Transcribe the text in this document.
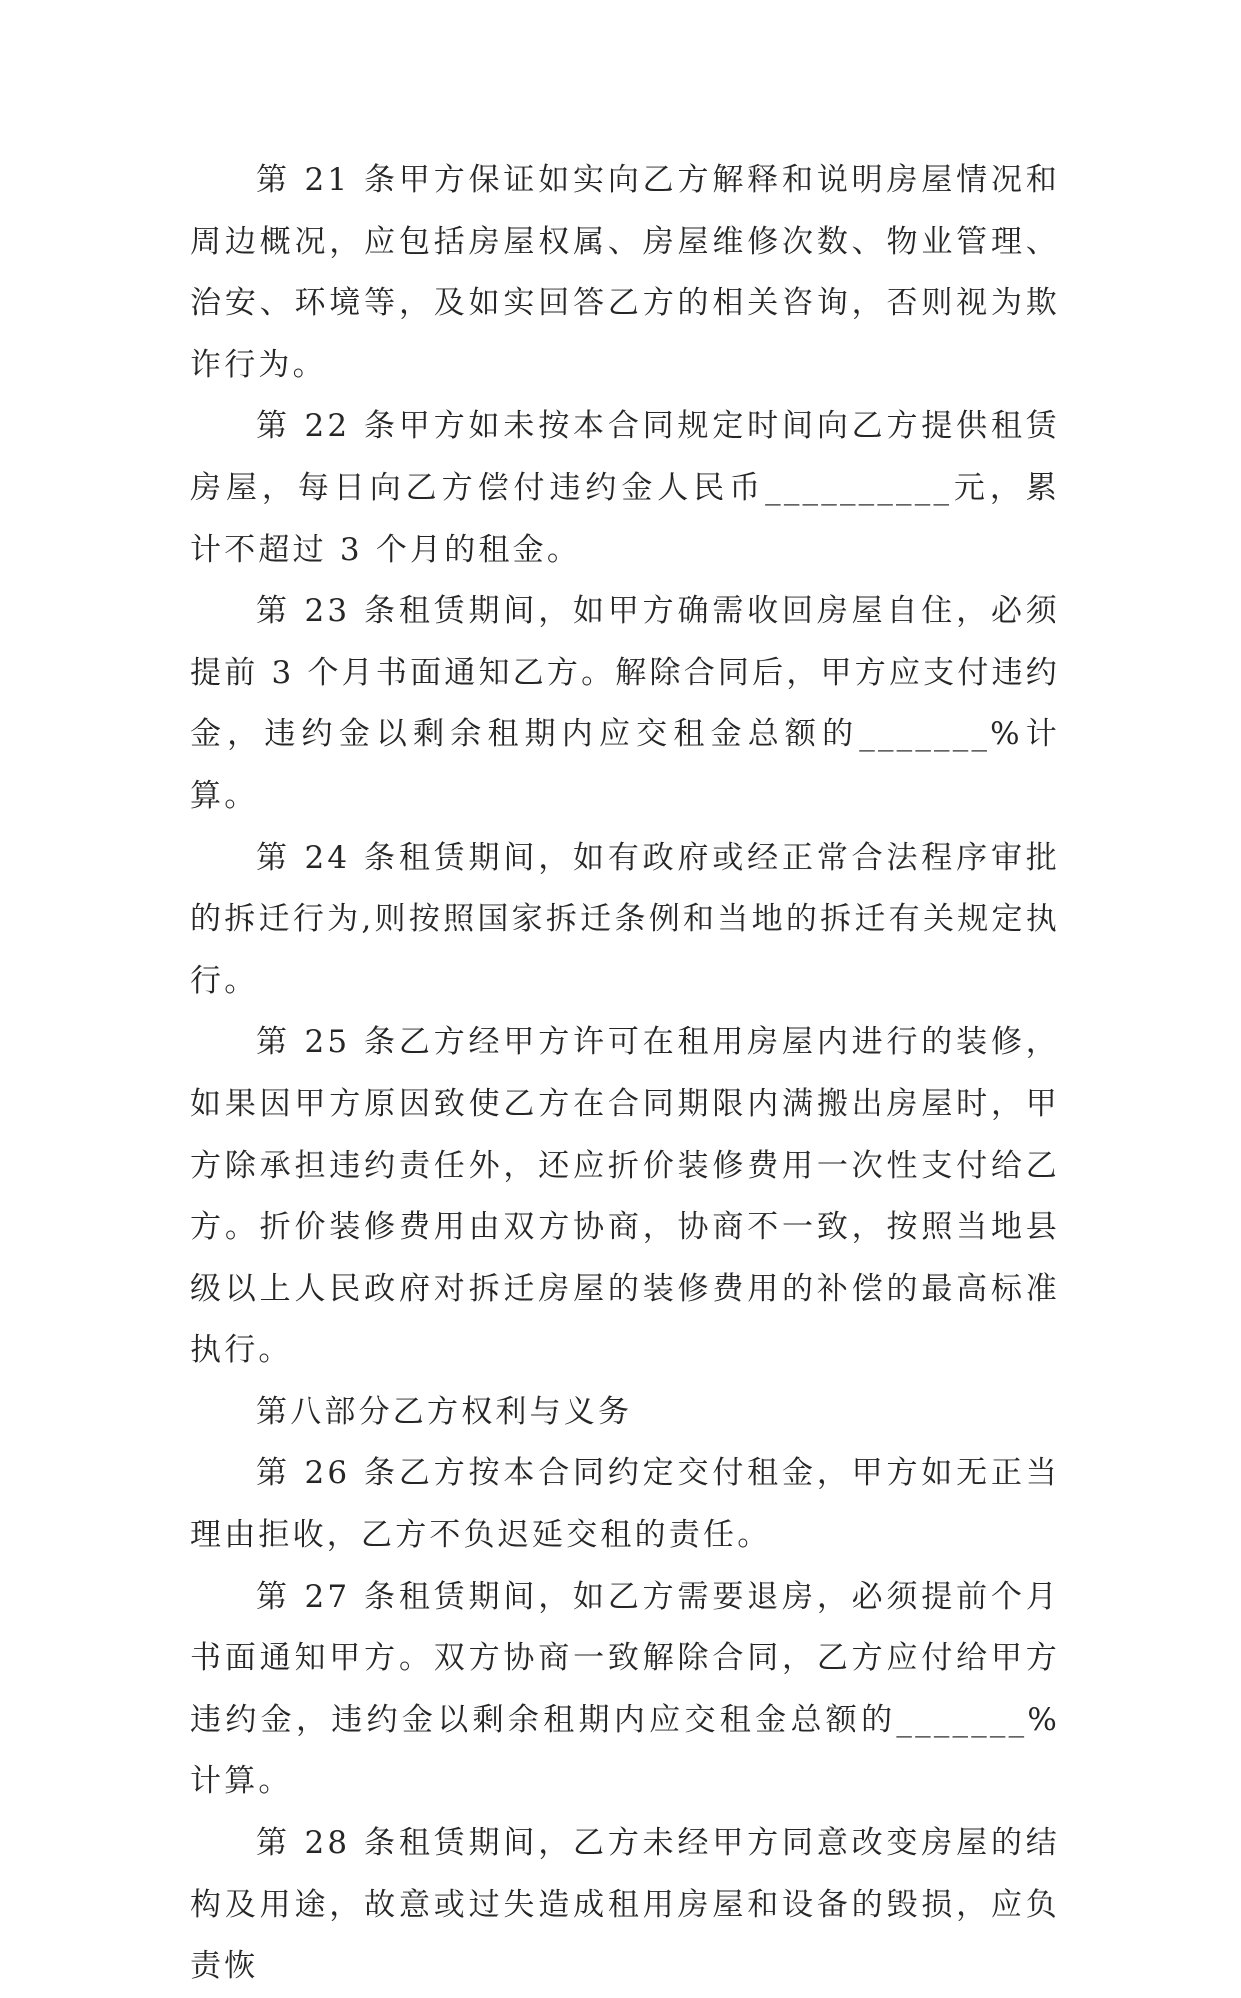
第 21 条甲方保证如实向乙方解释和说明房屋情况和周边概况，应包括房屋权属、房屋维修次数、物业管理、治安、环境等，及如实回答乙方的相关咨询，否则视为欺诈行为。

第 22 条甲方如未按本合同规定时间向乙方提供租赁房屋，每日向乙方偿付违约金人民币__________元，累计不超过 3 个月的租金。

第 23 条租赁期间，如甲方确需收回房屋自住，必须提前 3 个月书面通知乙方。解除合同后，甲方应支付违约金，违约金以剩余租期内应交租金总额的_______%计算。

第 24 条租赁期间，如有政府或经正常合法程序审批的拆迁行为,则按照国家拆迁条例和当地的拆迁有关规定执行。

第 25 条乙方经甲方许可在租用房屋内进行的装修，如果因甲方原因致使乙方在合同期限内满搬出房屋时，甲方除承担违约责任外，还应折价装修费用一次性支付给乙方。折价装修费用由双方协商，协商不一致，按照当地县级以上人民政府对拆迁房屋的装修费用的补偿的最高标准执行。

第八部分乙方权利与义务

第 26 条乙方按本合同约定交付租金，甲方如无正当理由拒收，乙方不负迟延交租的责任。

第 27 条租赁期间，如乙方需要退房，必须提前个月书面通知甲方。双方协商一致解除合同，乙方应付给甲方违约金，违约金以剩余租期内应交租金总额的_______%计算。

第 28 条租赁期间，乙方未经甲方同意改变房屋的结构及用途，故意或过失造成租用房屋和设备的毁损，应负责恢
